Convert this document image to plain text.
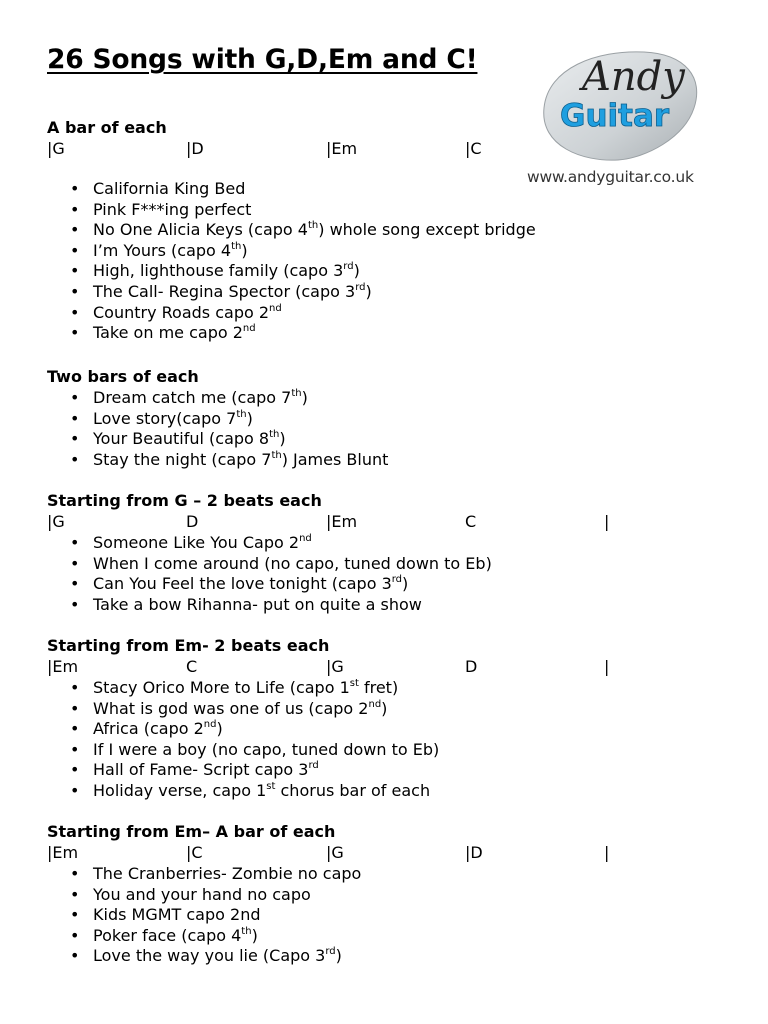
26 Songs with G,D,Em and C!	Andy
Guitar
www.andyguitar.co.uk
A bar of each
|G	|D	|Em	|C
• California King Bed
• Pink F***ing perfect
• No One Alicia Keys (capo 4th) whole song except bridge
• I’m Yours (capo 4th)
• High, lighthouse family (capo 3rd)
• The Call- Regina Spector (capo 3rd)
• Country Roads capo 2nd
• Take on me capo 2nd
Two bars of each
• Dream catch me (capo 7th)
• Love story(capo 7th)
• Your Beautiful (capo 8th)
• Stay the night (capo 7th) James Blunt
Starting from G – 2 beats each
|G	D	|Em	C	|
• Someone Like You Capo 2nd
• When I come around (no capo, tuned down to Eb)
• Can You Feel the love tonight (capo 3rd)
• Take a bow Rihanna- put on quite a show
Starting from Em- 2 beats each
|Em	C	|G	D	|
• Stacy Orico More to Life (capo 1st fret)
• What is god was one of us (capo 2nd)
• Africa (capo 2nd)
• If I were a boy (no capo, tuned down to Eb)
• Hall of Fame- Script capo 3rd
• Holiday verse, capo 1st chorus bar of each
Starting from Em– A bar of each
|Em	|C	|G	|D	|
• The Cranberries- Zombie no capo
• You and your hand no capo
• Kids MGMT capo 2nd
• Poker face (capo 4th)
• Love the way you lie (Capo 3rd)
